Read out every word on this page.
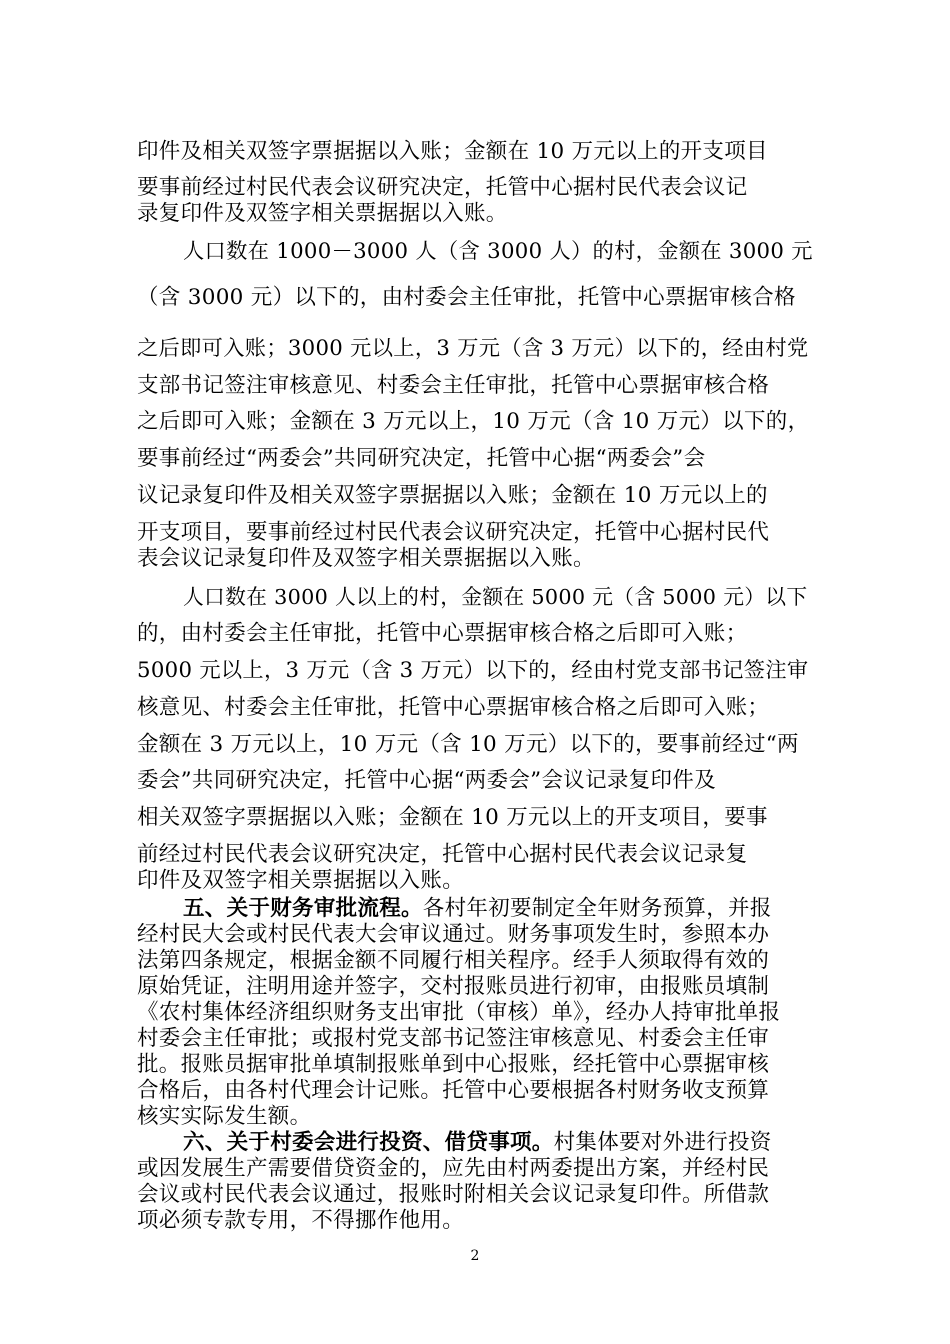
印件及相关双签字票据据以入账；金额在 10 万元以上的开支项目
要事前经过村民代表会议研究决定，托管中心据村民代表会议记
录复印件及双签字相关票据据以入账。
人口数在 1000－3000 人（含 3000 人）的村，金额在 3000 元
（含 3000 元）以下的，由村委会主任审批，托管中心票据审核合格
之后即可入账；3000 元以上，3 万元（含 3 万元）以下的，经由村党
支部书记签注审核意见、村委会主任审批，托管中心票据审核合格
之后即可入账；金额在 3 万元以上，10 万元（含 10 万元）以下的，
要事前经过“两委会”共同研究决定，托管中心据“两委会”会
议记录复印件及相关双签字票据据以入账；金额在 10 万元以上的
开支项目，要事前经过村民代表会议研究决定，托管中心据村民代
表会议记录复印件及双签字相关票据据以入账。
人口数在 3000 人以上的村，金额在 5000 元（含 5000 元）以下
的，由村委会主任审批，托管中心票据审核合格之后即可入账；
5000 元以上，3 万元（含 3 万元）以下的，经由村党支部书记签注审
核意见、村委会主任审批，托管中心票据审核合格之后即可入账；
金额在 3 万元以上，10 万元（含 10 万元）以下的，要事前经过“两
委会”共同研究决定，托管中心据“两委会”会议记录复印件及
相关双签字票据据以入账；金额在 10 万元以上的开支项目，要事
前经过村民代表会议研究决定，托管中心据村民代表会议记录复
印件及双签字相关票据据以入账。
五、关于财务审批流程。各村年初要制定全年财务预算，并报
经村民大会或村民代表大会审议通过。财务事项发生时，参照本办
法第四条规定，根据金额不同履行相关程序。经手人须取得有效的
原始凭证，注明用途并签字，交村报账员进行初审，由报账员填制
《农村集体经济组织财务支出审批（审核）单》，经办人持审批单报
村委会主任审批；或报村党支部书记签注审核意见、村委会主任审
批。报账员据审批单填制报账单到中心报账，经托管中心票据审核
合格后，由各村代理会计记账。托管中心要根据各村财务收支预算
核实实际发生额。
六、关于村委会进行投资、借贷事项。村集体要对外进行投资
或因发展生产需要借贷资金的，应先由村两委提出方案，并经村民
会议或村民代表会议通过，报账时附相关会议记录复印件。所借款
项必须专款专用，不得挪作他用。
2
